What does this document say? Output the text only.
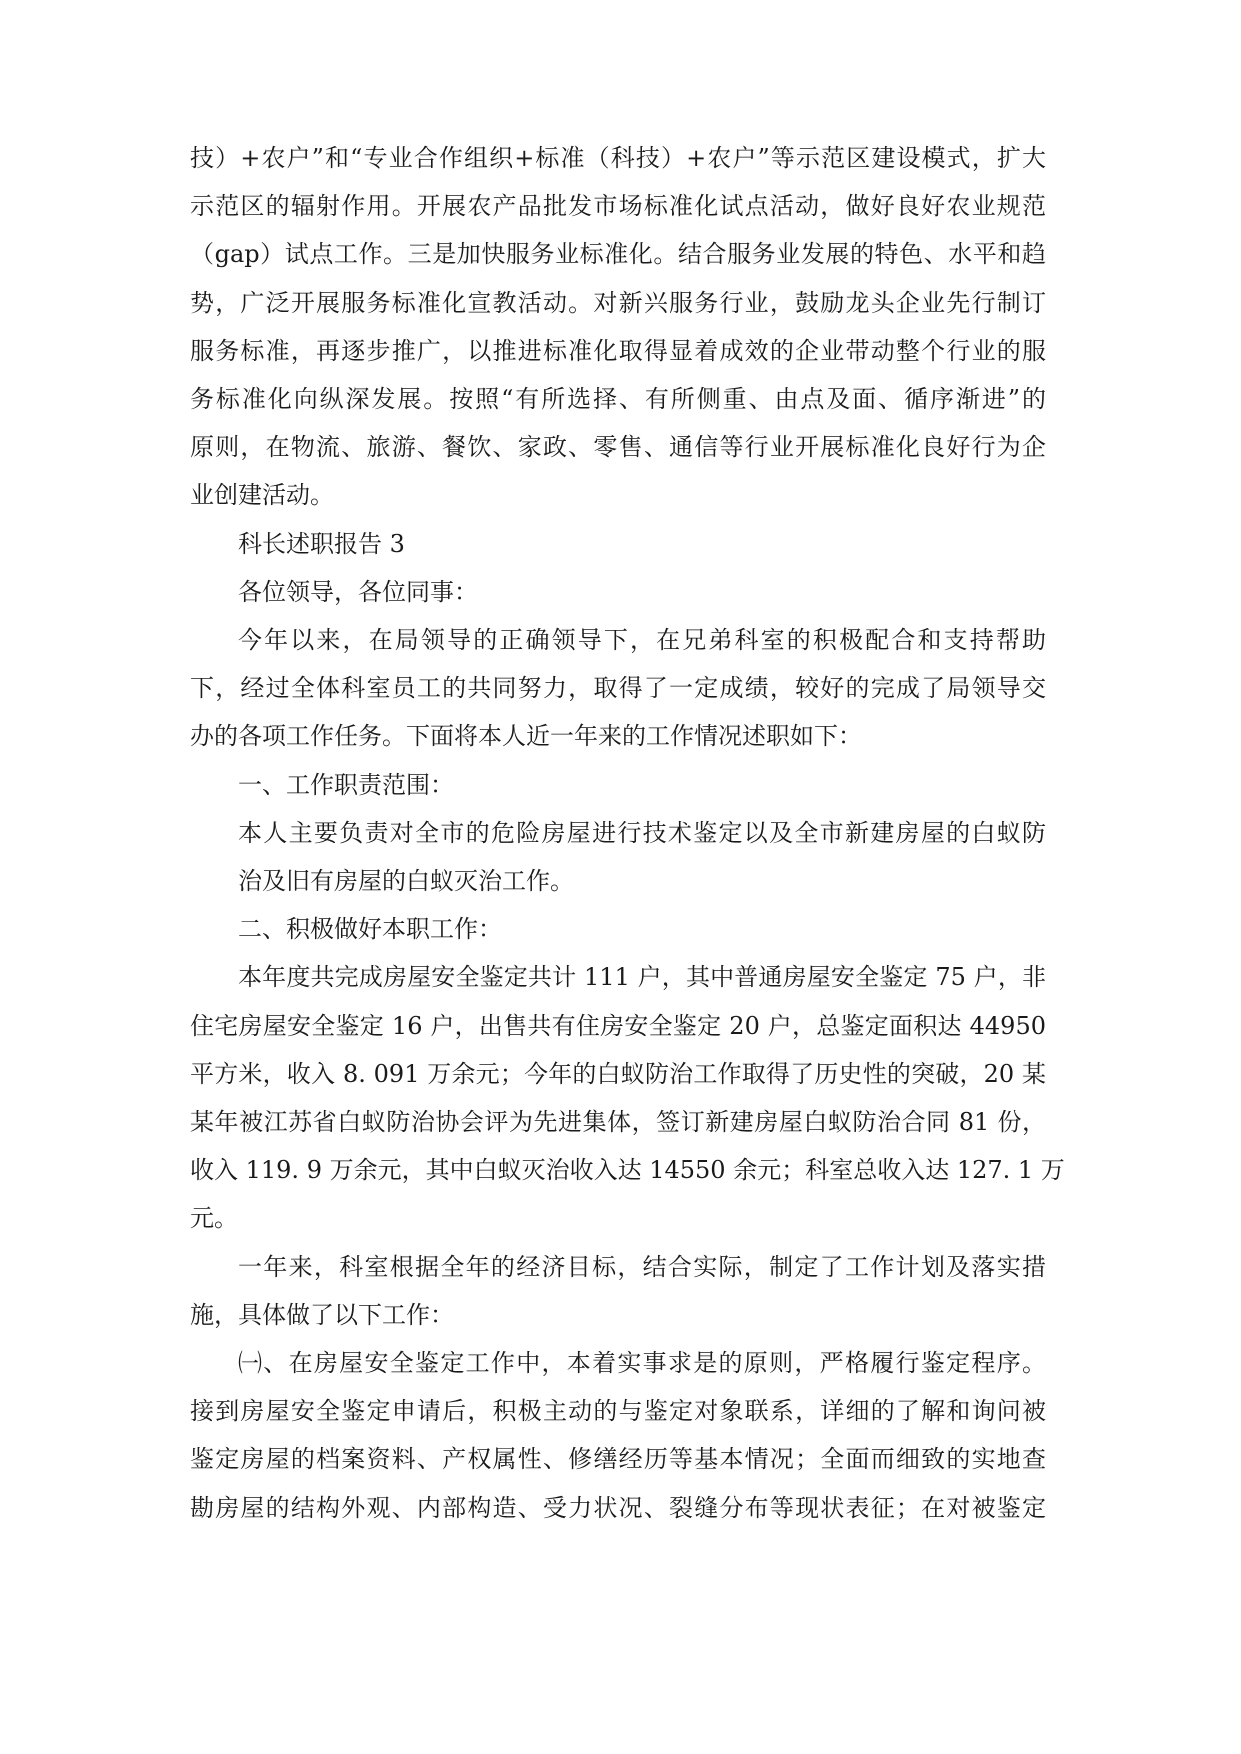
技）+农户”和“专业合作组织+标准（科技）+农户”等示范区建设模式，扩大
示范区的辐射作用。开展农产品批发市场标准化试点活动，做好良好农业规范
（gap）试点工作。三是加快服务业标准化。结合服务业发展的特色、水平和趋
势，广泛开展服务标准化宣教活动。对新兴服务行业，鼓励龙头企业先行制订
服务标准，再逐步推广，以推进标准化取得显着成效的企业带动整个行业的服
务标准化向纵深发展。按照“有所选择、有所侧重、由点及面、循序渐进”的
原则，在物流、旅游、餐饮、家政、零售、通信等行业开展标准化良好行为企
业创建活动。
科长述职报告 3
各位领导，各位同事：
今年以来，在局领导的正确领导下，在兄弟科室的积极配合和支持帮助
下，经过全体科室员工的共同努力，取得了一定成绩，较好的完成了局领导交
办的各项工作任务。下面将本人近一年来的工作情况述职如下：
一、工作职责范围：
本人主要负责对全市的危险房屋进行技术鉴定以及全市新建房屋的白蚁防
治及旧有房屋的白蚁灭治工作。
二、积极做好本职工作：
本年度共完成房屋安全鉴定共计 111 户，其中普通房屋安全鉴定 75 户，非
住宅房屋安全鉴定 16 户，出售共有住房安全鉴定 20 户，总鉴定面积达 44950
平方米，收入 8. 091 万余元；今年的白蚁防治工作取得了历史性的突破，20 某
某年被江苏省白蚁防治协会评为先进集体，签订新建房屋白蚁防治合同 81 份，
收入 119. 9 万余元，其中白蚁灭治收入达 14550 余元；科室总收入达 127. 1 万
元。
一年来，科室根据全年的经济目标，结合实际，制定了工作计划及落实措
施，具体做了以下工作：
㈠、在房屋安全鉴定工作中，本着实事求是的原则，严格履行鉴定程序。
接到房屋安全鉴定申请后，积极主动的与鉴定对象联系，详细的了解和询问被
鉴定房屋的档案资料、产权属性、修缮经历等基本情况；全面而细致的实地查
勘房屋的结构外观、内部构造、受力状况、裂缝分布等现状表征；在对被鉴定
